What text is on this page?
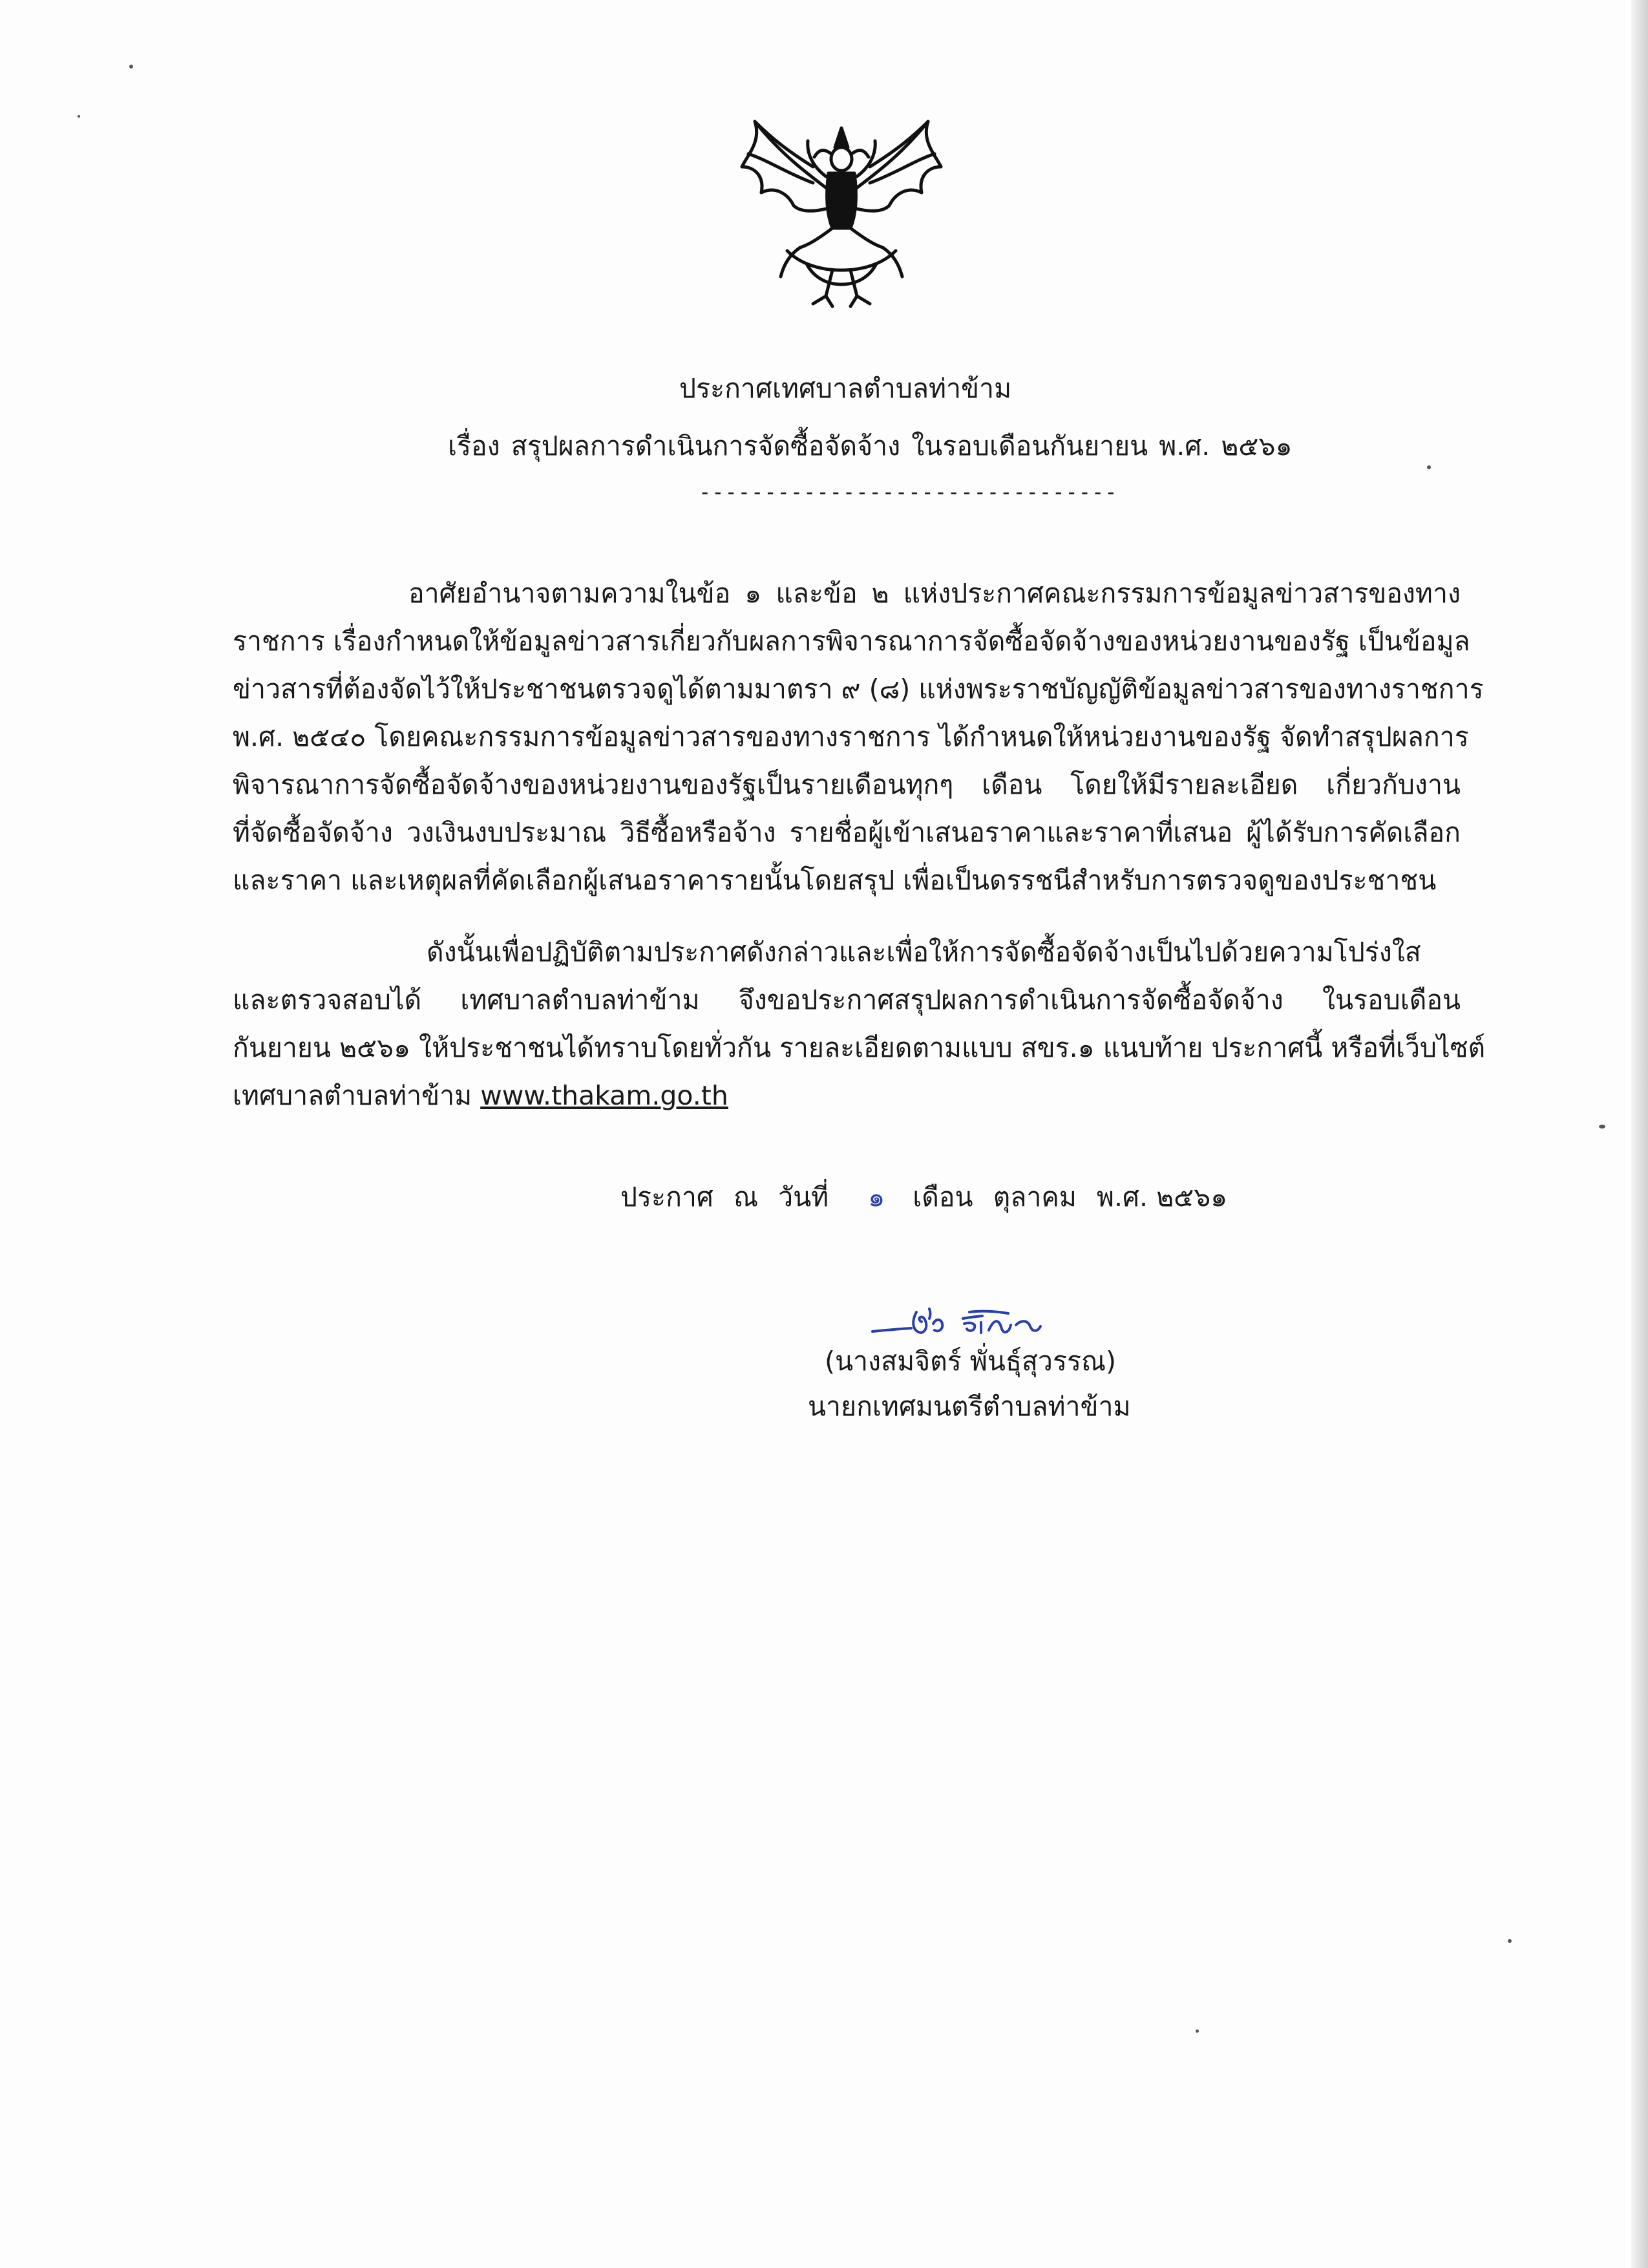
ประกาศเทศบาลตำบลท่าข้าม
เรื่อง สรุปผลการดำเนินการจัดซื้อจัดจ้าง ในรอบเดือนกันยายน พ.ศ. ๒๕๖๑
--------------------------------
อาศัยอำนาจตามความในข้อ ๑ และข้อ ๒ แห่งประกาศคณะกรรมการข้อมูลข่าวสารของทาง
ราชการ เรื่องกำหนดให้ข้อมูลข่าวสารเกี่ยวกับผลการพิจารณาการจัดซื้อจัดจ้างของหน่วยงานของรัฐ เป็นข้อมูล
ข่าวสารที่ต้องจัดไว้ให้ประชาชนตรวจดูได้ตามมาตรา ๙ (๘) แห่งพระราชบัญญัติข้อมูลข่าวสารของทางราชการ
พ.ศ. ๒๕๔๐ โดยคณะกรรมการข้อมูลข่าวสารของทางราชการ ได้กำหนดให้หน่วยงานของรัฐ จัดทำสรุปผลการ
พิจารณาการจัดซื้อจัดจ้างของหน่วยงานของรัฐเป็นรายเดือนทุกๆ เดือน โดยให้มีรายละเอียด เกี่ยวกับงาน
ที่จัดซื้อจัดจ้าง วงเงินงบประมาณ วิธีซื้อหรือจ้าง รายชื่อผู้เข้าเสนอราคาและราคาที่เสนอ ผู้ได้รับการคัดเลือก
และราคา และเหตุผลที่คัดเลือกผู้เสนอราคารายนั้นโดยสรุป เพื่อเป็นดรรชนีสำหรับการตรวจดูของประชาชน
ดังนั้นเพื่อปฏิบัติตามประกาศดังกล่าวและเพื่อให้การจัดซื้อจัดจ้างเป็นไปด้วยความโปร่งใส
และตรวจสอบได้ เทศบาลตำบลท่าข้าม จึงขอประกาศสรุปผลการดำเนินการจัดซื้อจัดจ้าง ในรอบเดือน
กันยายน ๒๕๖๑ ให้ประชาชนได้ทราบโดยทั่วกัน รายละเอียดตามแบบ สขร.๑ แนบท้าย ประกาศนี้ หรือที่เว็บไซต์
เทศบาลตำบลท่าข้าม www.thakam.go.th
ประกาศ ณ วันที่ ๑ เดือน ตุลาคม พ.ศ. ๒๕๖๑
(นางสมจิตร์ พั่นธุ์สุวรรณ)
นายกเทศมนตรีตำบลท่าข้าม
